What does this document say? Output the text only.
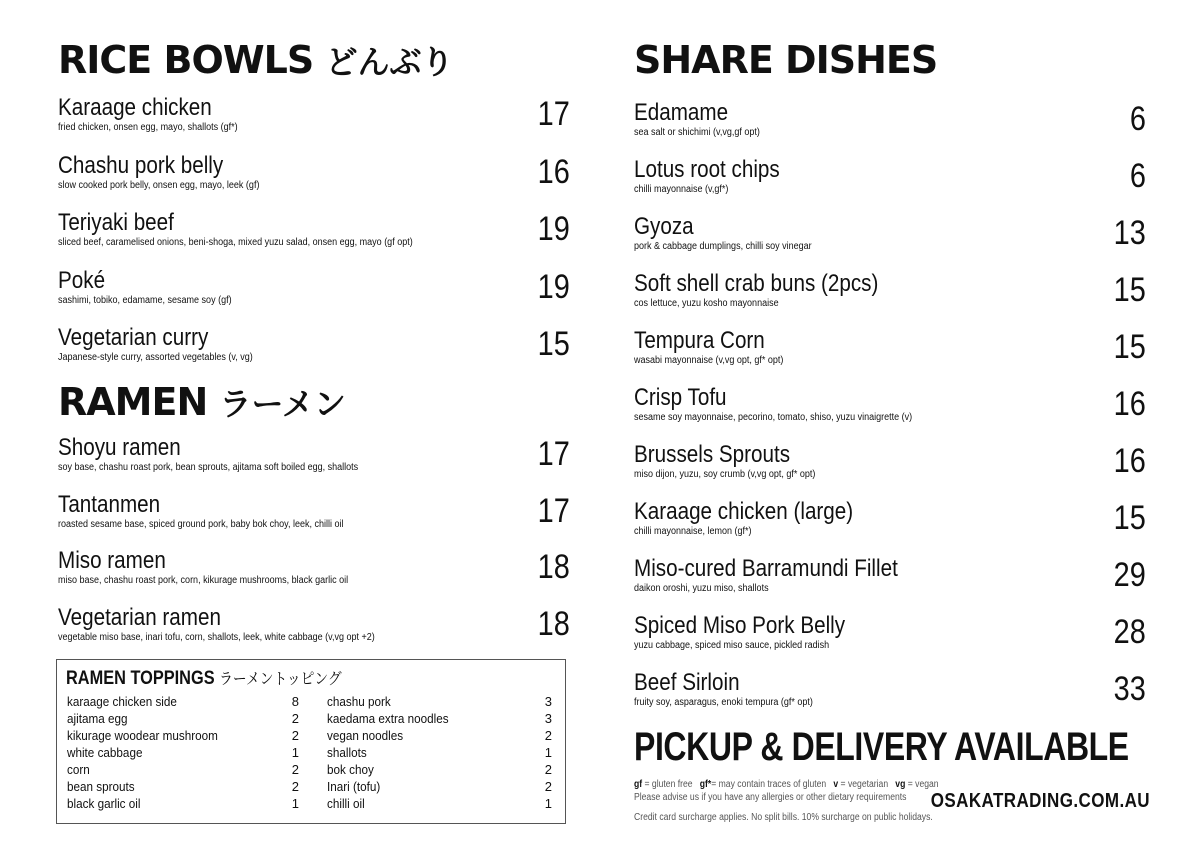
RICE BOWLS どんぶり
Karaage chicken
fried chicken, onsen egg, mayo, shallots (gf*)	17
Chashu pork belly
slow cooked pork belly, onsen egg, mayo, leek (gf)	16
Teriyaki beef
sliced beef, caramelised onions, beni-shoga, mixed yuzu salad, onsen egg, mayo (gf opt)	19
Poké
sashimi, tobiko, edamame, sesame soy (gf)	19
Vegetarian curry
Japanese-style curry, assorted vegetables (v, vg)	15
RAMEN ラーメン
Shoyu ramen
soy base, chashu roast pork, bean sprouts, ajitama soft boiled egg, shallots	17
Tantanmen
roasted sesame base, spiced ground pork, baby bok choy, leek, chilli oil	17
Miso ramen
miso base, chashu roast pork, corn, kikurage mushrooms, black garlic oil	18
Vegetarian ramen
vegetable miso base, inari tofu, corn, shallots, leek, white cabbage (v,vg opt +2)	18
RAMEN TOPPINGS ラーメントッピング
karaage chicken side	8
ajitama egg	2
kikurage woodear mushroom	2
white cabbage	1
corn	2
bean sprouts	2
black garlic oil	1
chashu pork	3
kaedama extra noodles	3
vegan noodles	2
shallots	1
bok choy	2
Inari (tofu)	2
chilli oil	1
SHARE DISHES
Edamame
sea salt or shichimi (v,vg,gf opt)	6
Lotus root chips
chilli mayonnaise (v,gf*)	6
Gyoza
pork & cabbage dumplings, chilli soy vinegar	13
Soft shell crab buns (2pcs)
cos lettuce, yuzu kosho mayonnaise	15
Tempura Corn
wasabi mayonnaise (v,vg opt, gf* opt)	15
Crisp Tofu
sesame soy mayonnaise, pecorino, tomato, shiso, yuzu vinaigrette (v)	16
Brussels Sprouts
miso dijon, yuzu, soy crumb (v,vg opt, gf* opt)	16
Karaage chicken (large)
chilli mayonnaise, lemon (gf*)	15
Miso-cured Barramundi Fillet
daikon oroshi, yuzu miso, shallots	29
Spiced Miso Pork Belly
yuzu cabbage, spiced miso sauce, pickled radish	28
Beef Sirloin
fruity soy, asparagus, enoki tempura (gf* opt)	33
PICKUP & DELIVERY AVAILABLE
gf = gluten free gf*= may contain traces of gluten v = vegetarian vg = vegan
Please advise us if you have any allergies or other dietary requirements
Credit card surcharge applies. No split bills. 10% surcharge on public holidays.
OSAKATRADING.COM.AU
